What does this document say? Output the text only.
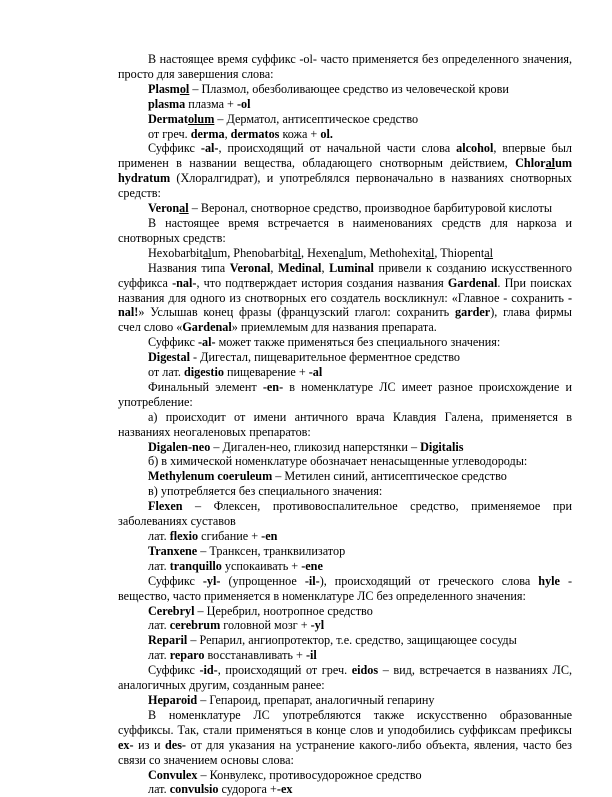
В настоящее время суффикс -ol- часто применяется без определенного значения, просто для завершения слова:

Plasmol – Плазмол, обезболивающее средство из человеческой крови

plasma плазма + -ol

Dermatolum – Дерматол, антисептическое средство

от греч. derma, dermatos кожа + ol.

Суффикс -al-, происходящий от начальной части слова alcohol, впервые был применен в названии вещества, обладающего снотворным действием, Chloralum hydratum (Хлоралгидрат), и употреблялся первоначально в названиях снотворных средств:

Veronal – Веронал, снотворное средство, производное барбитуровой кислоты

В настоящее время встречается в наименованиях средств для наркоза и снотворных средств:

Hexobarbitalum, Phenobarbital, Hexenalum, Methohexital, Thiopental

Названия типа Veronal, Medinal, Luminal привели к созданию искусственного суффикса -nal-, что подтверждает история создания названия Gardenal. При поисках названия для одного из снотворных его создатель воскликнул: «Главное - сохранить -nal!» Услышав конец фразы (французский глагол: сохранить garder), глава фирмы счел слово «Gardenal» приемлемым для названия препарата.

Суффикс -al- может также применяться без специального значения:

Digestal - Дигестал, пищеварительное ферментное средство

от лат. digestio пищеварение + -al

Финальный элемент -en- в номенклатуре ЛС имеет разное происхождение и употребление:

а) происходит от имени античного врача Клавдия Галена, применяется в названиях неогаленовых препаратов:

Digalen-neo – Дигален-нео, гликозид наперстянки – Digitalis

б) в химической номенклатуре обозначает ненасыщенные углеводороды:

Methylenum coeruleum – Метилен синий, антисептическое средство

в) употребляется без специального значения:

Flexen – Флексен, противовоспалительное средство, применяемое при заболеваниях суставов

лат. flexio сгибание + -en

Tranxene – Транксен, транквилизатор

лат. tranquillo успокаивать + -ene

Суффикс -yl- (упрощенное -il-), происходящий от греческого слова hyle - вещество, часто применяется в номенклатуре ЛС без определенного значения:

Cerebryl – Церебрил, ноотропное средство

лат. cerebrum головной мозг + -yl

Reparil – Репарил, ангиопротектор, т.е. средство, защищающее сосуды

лат. reparo восстанавливать + -il

Суффикс -id-, происходящий от греч. eidos – вид, встречается в названиях ЛС, аналогичных другим, созданным ранее:

Heparoid – Гепароид, препарат, аналогичный гепарину

В номенклатуре ЛС употребляются также искусственно образованные суффиксы. Так, стали применяться в конце слов и уподобились суффиксам префиксы ex- из и des- от для указания на устранение какого-либо объекта, явления, часто без связи со значением основы слова:

Convulex – Конвулекс, противосудорожное средство

лат. convulsio судорога +-ex
